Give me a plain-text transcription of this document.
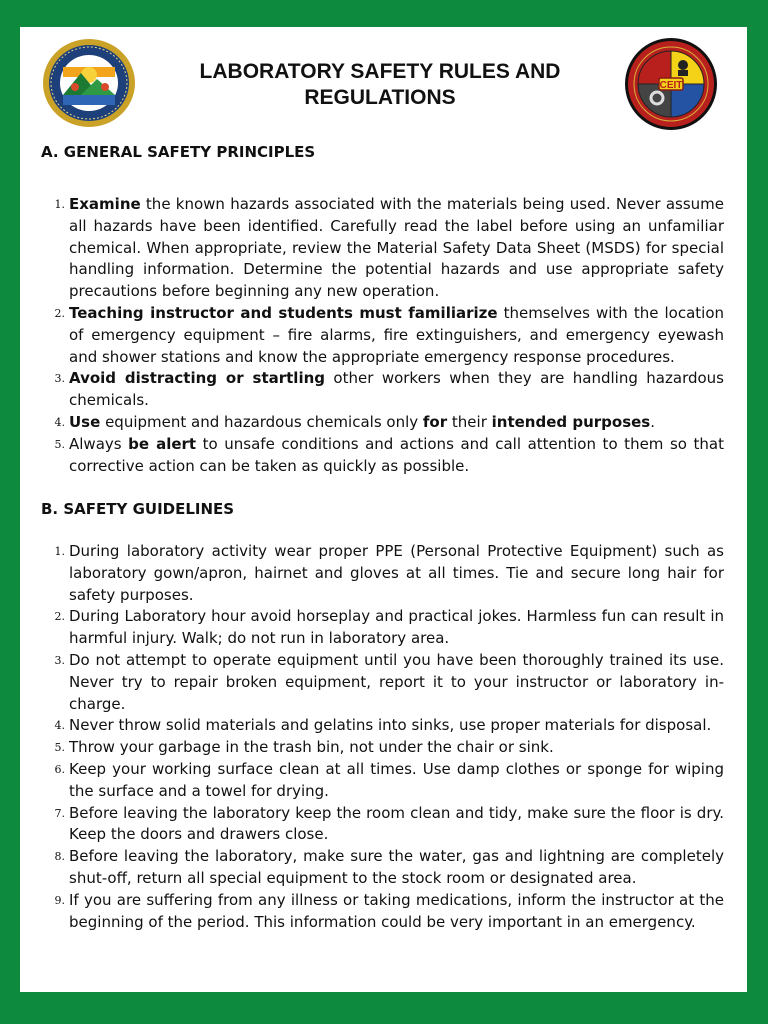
LABORATORY SAFETY RULES AND
REGULATIONS
CEIT
A. GENERAL SAFETY PRINCIPLES
1. Examine the known hazards associated with the materials being used. Never assume all hazards have been identified. Carefully read the label before using an unfamiliar chemical. When appropriate, review the Material Safety Data Sheet (MSDS) for special handling information. Determine the potential hazards and use appropriate safety precautions before beginning any new operation.
2. Teaching instructor and students must familiarize themselves with the location of emergency equipment – fire alarms, fire extinguishers, and emergency eyewash and shower stations and know the appropriate emergency response procedures.
3. Avoid distracting or startling other workers when they are handling hazardous chemicals.
4. Use equipment and hazardous chemicals only for their intended purposes.
5. Always be alert to unsafe conditions and actions and call attention to them so that corrective action can be taken as quickly as possible.
B. SAFETY GUIDELINES
1. During laboratory activity wear proper PPE (Personal Protective Equipment) such as laboratory gown/apron, hairnet and gloves at all times. Tie and secure long hair for safety purposes.
2. During Laboratory hour avoid horseplay and practical jokes. Harmless fun can result in harmful injury. Walk; do not run in laboratory area.
3. Do not attempt to operate equipment until you have been thoroughly trained its use. Never try to repair broken equipment, report it to your instructor or laboratory in-charge.
4. Never throw solid materials and gelatins into sinks, use proper materials for disposal.
5. Throw your garbage in the trash bin, not under the chair or sink.
6. Keep your working surface clean at all times. Use damp clothes or sponge for wiping the surface and a towel for drying.
7. Before leaving the laboratory keep the room clean and tidy, make sure the floor is dry. Keep the doors and drawers close.
8. Before leaving the laboratory, make sure the water, gas and lightning are completely shut-off, return all special equipment to the stock room or designated area.
9. If you are suffering from any illness or taking medications, inform the instructor at the beginning of the period. This information could be very important in an emergency.
